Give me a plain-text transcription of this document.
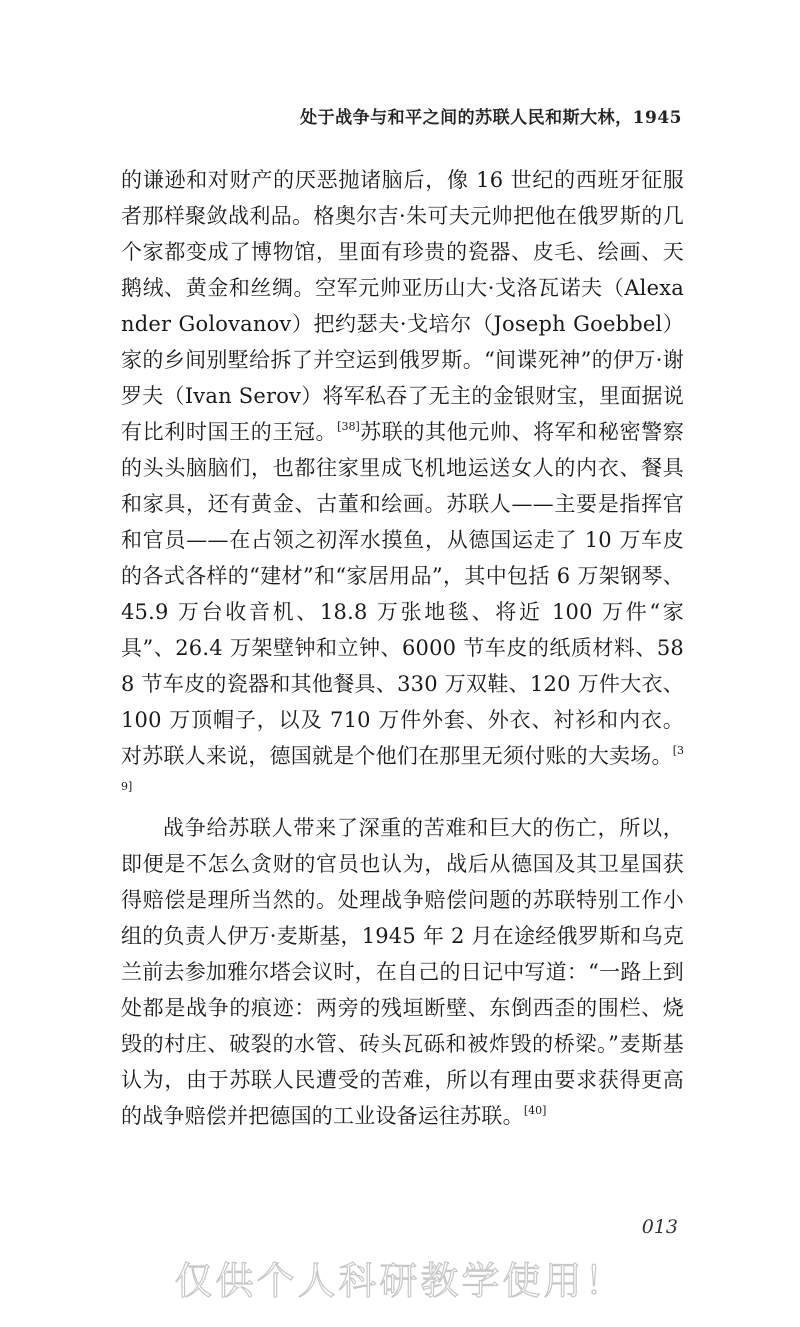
处于战争与和平之间的苏联人民和斯大林，1945

的谦逊和对财产的厌恶抛诸脑后，像 16 世纪的西班牙征服者那样聚敛战利品。格奥尔吉·朱可夫元帅把他在俄罗斯的几个家都变成了博物馆，里面有珍贵的瓷器、皮毛、绘画、天鹅绒、黄金和丝绸。空军元帅亚历山大·戈洛瓦诺夫（Alexander Golovanov）把约瑟夫·戈培尔（Joseph Goebbel）家的乡间别墅给拆了并空运到俄罗斯。“间谍死神”的伊万·谢罗夫（Ivan Serov）将军私吞了无主的金银财宝，里面据说有比利时国王的王冠。[38]苏联的其他元帅、将军和秘密警察的头头脑脑们，也都往家里成飞机地运送女人的内衣、餐具和家具，还有黄金、古董和绘画。苏联人——主要是指挥官和官员——在占领之初浑水摸鱼，从德国运走了 10 万车皮的各式各样的“建材”和“家居用品”，其中包括 6 万架钢琴、45.9 万台收音机、18.8 万张地毯、将近 100 万件“家具”、26.4 万架壁钟和立钟、6000 节车皮的纸质材料、588 节车皮的瓷器和其他餐具、330 万双鞋、120 万件大衣、100 万顶帽子，以及 710 万件外套、外衣、衬衫和内衣。对苏联人来说，德国就是个他们在那里无须付账的大卖场。[39]

战争给苏联人带来了深重的苦难和巨大的伤亡，所以，即便是不怎么贪财的官员也认为，战后从德国及其卫星国获得赔偿是理所当然的。处理战争赔偿问题的苏联特别工作小组的负责人伊万·麦斯基，1945 年 2 月在途经俄罗斯和乌克兰前去参加雅尔塔会议时，在自己的日记中写道：“一路上到处都是战争的痕迹：两旁的残垣断壁、东倒西歪的围栏、烧毁的村庄、破裂的水管、砖头瓦砾和被炸毁的桥梁。”麦斯基认为，由于苏联人民遭受的苦难，所以有理由要求获得更高的战争赔偿并把德国的工业设备运往苏联。[40]

013
仅供个人科研教学使用！
